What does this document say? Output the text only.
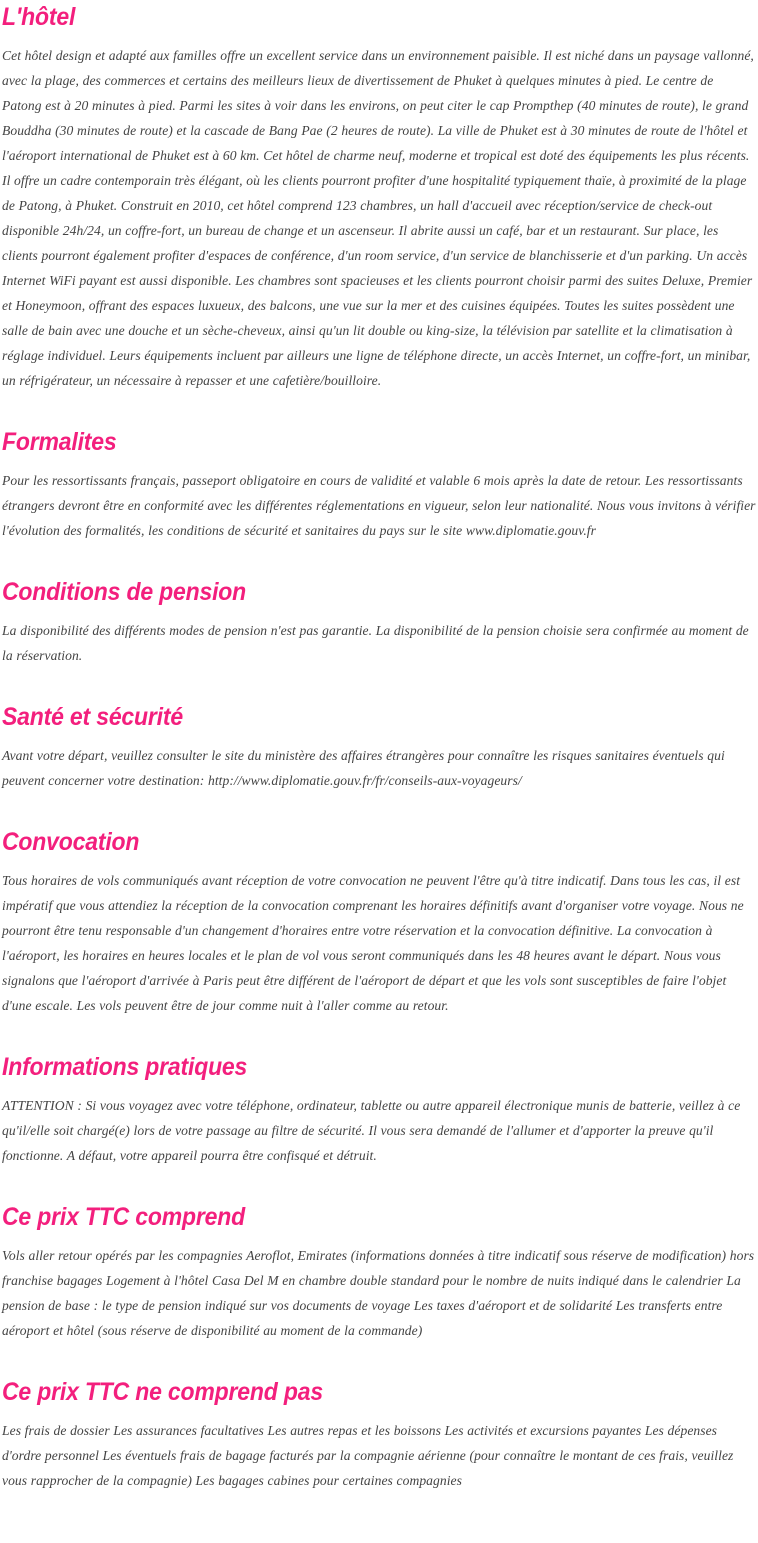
L'hôtel

Cet hôtel design et adapté aux familles offre un excellent service dans un environnement paisible. Il est niché dans un paysage vallonné, avec la plage, des commerces et certains des meilleurs lieux de divertissement de Phuket à quelques minutes à pied. Le centre de Patong est à 20 minutes à pied. Parmi les sites à voir dans les environs, on peut citer le cap Prompthep (40 minutes de route), le grand Bouddha (30 minutes de route) et la cascade de Bang Pae (2 heures de route). La ville de Phuket est à 30 minutes de route de l'hôtel et l'aéroport international de Phuket est à 60 km. Cet hôtel de charme neuf, moderne et tropical est doté des équipements les plus récents. Il offre un cadre contemporain très élégant, où les clients pourront profiter d'une hospitalité typiquement thaïe, à proximité de la plage de Patong, à Phuket. Construit en 2010, cet hôtel comprend 123 chambres, un hall d'accueil avec réception/service de check-out disponible 24h/24, un coffre-fort, un bureau de change et un ascenseur. Il abrite aussi un café, bar et un restaurant. Sur place, les clients pourront également profiter d'espaces de conférence, d'un room service, d'un service de blanchisserie et d'un parking. Un accès Internet WiFi payant est aussi disponible. Les chambres sont spacieuses et les clients pourront choisir parmi des suites Deluxe, Premier et Honeymoon, offrant des espaces luxueux, des balcons, une vue sur la mer et des cuisines équipées. Toutes les suites possèdent une salle de bain avec une douche et un sèche-cheveux, ainsi qu'un lit double ou king-size, la télévision par satellite et la climatisation à réglage individuel. Leurs équipements incluent par ailleurs une ligne de téléphone directe, un accès Internet, un coffre-fort, un minibar, un réfrigérateur, un nécessaire à repasser et une cafetière/bouilloire.

Formalites

Pour les ressortissants français, passeport obligatoire en cours de validité et valable 6 mois après la date de retour. Les ressortissants étrangers devront être en conformité avec les différentes réglementations en vigueur, selon leur nationalité. Nous vous invitons à vérifier l'évolution des formalités, les conditions de sécurité et sanitaires du pays sur le site www.diplomatie.gouv.fr

Conditions de pension

La disponibilité des différents modes de pension n'est pas garantie. La disponibilité de la pension choisie sera confirmée au moment de la réservation.

Santé et sécurité

Avant votre départ, veuillez consulter le site du ministère des affaires étrangères pour connaître les risques sanitaires éventuels qui peuvent concerner votre destination: http://www.diplomatie.gouv.fr/fr/conseils-aux-voyageurs/

Convocation

Tous horaires de vols communiqués avant réception de votre convocation ne peuvent l'être qu'à titre indicatif. Dans tous les cas, il est impératif que vous attendiez la réception de la convocation comprenant les horaires définitifs avant d'organiser votre voyage. Nous ne pourront être tenu responsable d'un changement d'horaires entre votre réservation et la convocation définitive. La convocation à l'aéroport, les horaires en heures locales et le plan de vol vous seront communiqués dans les 48 heures avant le départ. Nous vous signalons que l'aéroport d'arrivée à Paris peut être différent de l'aéroport de départ et que les vols sont susceptibles de faire l'objet d'une escale. Les vols peuvent être de jour comme nuit à l'aller comme au retour.

Informations pratiques

ATTENTION : Si vous voyagez avec votre téléphone, ordinateur, tablette ou autre appareil électronique munis de batterie, veillez à ce qu'il/elle soit chargé(e) lors de votre passage au filtre de sécurité. Il vous sera demandé de l'allumer et d'apporter la preuve qu'il fonctionne. A défaut, votre appareil pourra être confisqué et détruit.

Ce prix TTC comprend

Vols aller retour opérés par les compagnies Aeroflot, Emirates (informations données à titre indicatif sous réserve de modification) hors franchise bagages Logement à l'hôtel Casa Del M en chambre double standard pour le nombre de nuits indiqué dans le calendrier La pension de base : le type de pension indiqué sur vos documents de voyage Les taxes d'aéroport et de solidarité Les transferts entre aéroport et hôtel (sous réserve de disponibilité au moment de la commande)

Ce prix TTC ne comprend pas

Les frais de dossier Les assurances facultatives Les autres repas et les boissons Les activités et excursions payantes Les dépenses d'ordre personnel Les éventuels frais de bagage facturés par la compagnie aérienne (pour connaître le montant de ces frais, veuillez vous rapprocher de la compagnie) Les bagages cabines pour certaines compagnies
